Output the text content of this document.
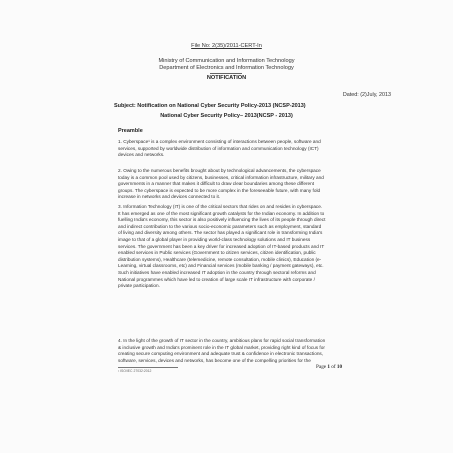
File No: 2(35)/2011-CERT-In
Ministry of Communication and Information Technology
Department of Electronics and Information Technology
NOTIFICATION
Dated: (2)July, 2013
Subject: Notification on National Cyber Security Policy-2013 (NCSP-2013)
National Cyber Security Policy– 2013(NCSP - 2013)
Preamble
1. Cyberspace¹ is a complex environment consisting of interactions between people, software and
services, supported by worldwide distribution of information and communication technology (ICT)
devices and networks.
2. Owing to the numerous benefits brought about by technological advancements, the cyberspace
today is a common pool used by citizens, businesses, critical information infrastructure, military and
governments in a manner that makes it difficult to draw clear boundaries among these different
groups. The cyberspace is expected to be more complex in the foreseeable future, with many fold
increase in networks and devices connected to it.
3. Information Technology (IT) is one of the critical sectors that rides on and resides in cyberspace.
It has emerged as one of the most significant growth catalysts for the Indian economy. In addition to
fuelling India's economy, this sector is also positively influencing the lives of its people through direct
and indirect contribution to the various socio-economic parameters such as employment, standard
of living and diversity among others. The sector has played a significant role in transforming India's
image to that of a global player in providing world-class technology solutions and IT business
services. The government has been a key driver for increased adoption of IT-based products and IT
enabled services in Public services (Government to citizen services, citizen identification, public
distribution systems), Healthcare (telemedicine, remote consultation, mobile clinics), Education (e-
Learning, virtual classrooms, etc) and Financial services (mobile banking / payment gateways), etc.
Such initiatives have enabled increased IT adoption in the country through sectoral reforms and
National programmes which have led to creation of large scale IT infrastructure with corporate /
private participation.
4. In the light of the growth of IT sector in the country, ambitious plans for rapid social transformation
& inclusive growth and India's prominent role in the IT global market, providing right kind of focus for
creating secure computing environment and adequate trust & confidence in electronic transactions,
software, services, devices and networks, has become one of the compelling priorities for the
¹ ISO/IEC 27032:2012
Page 1 of 10
